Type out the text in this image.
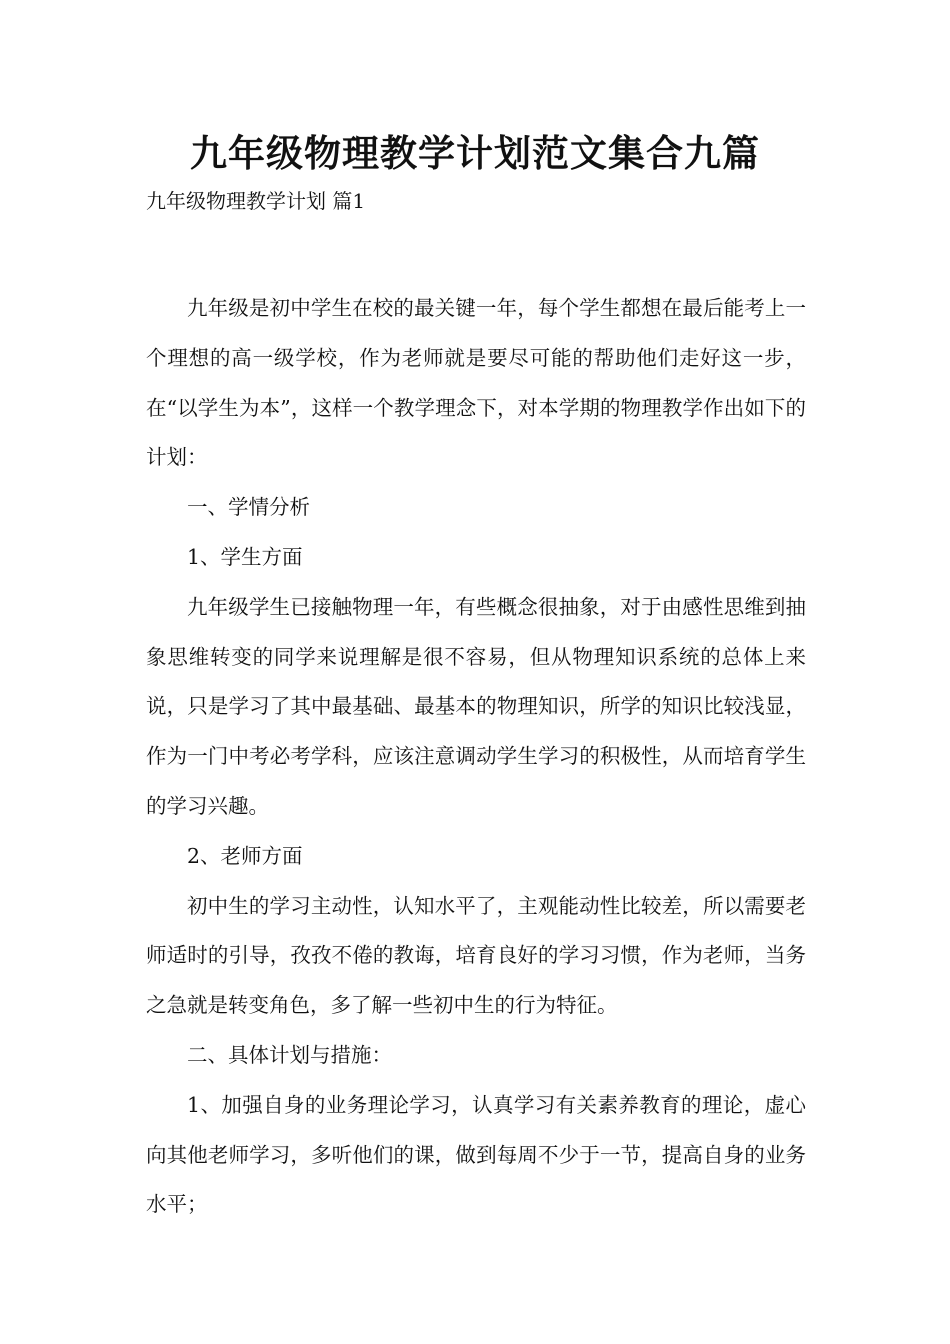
九年级物理教学计划范文集合九篇

九年级物理教学计划 篇1

九年级是初中学生在校的最关键一年，每个学生都想在最后能考上一个理想的高一级学校，作为老师就是要尽可能的帮助他们走好这一步，在“以学生为本”，这样一个教学理念下，对本学期的物理教学作出如下的计划：

一、学情分析

1、学生方面

九年级学生已接触物理一年，有些概念很抽象，对于由感性思维到抽象思维转变的同学来说理解是很不容易，但从物理知识系统的总体上来说，只是学习了其中最基础、最基本的物理知识，所学的知识比较浅显，作为一门中考必考学科，应该注意调动学生学习的积极性，从而培育学生的学习兴趣。

2、老师方面

初中生的学习主动性，认知水平了，主观能动性比较差，所以需要老师适时的引导，孜孜不倦的教诲，培育良好的学习习惯，作为老师，当务之急就是转变角色，多了解一些初中生的行为特征。

二、具体计划与措施：

1、加强自身的业务理论学习，认真学习有关素养教育的理论，虚心向其他老师学习，多听他们的课，做到每周不少于一节，提高自身的业务水平；
